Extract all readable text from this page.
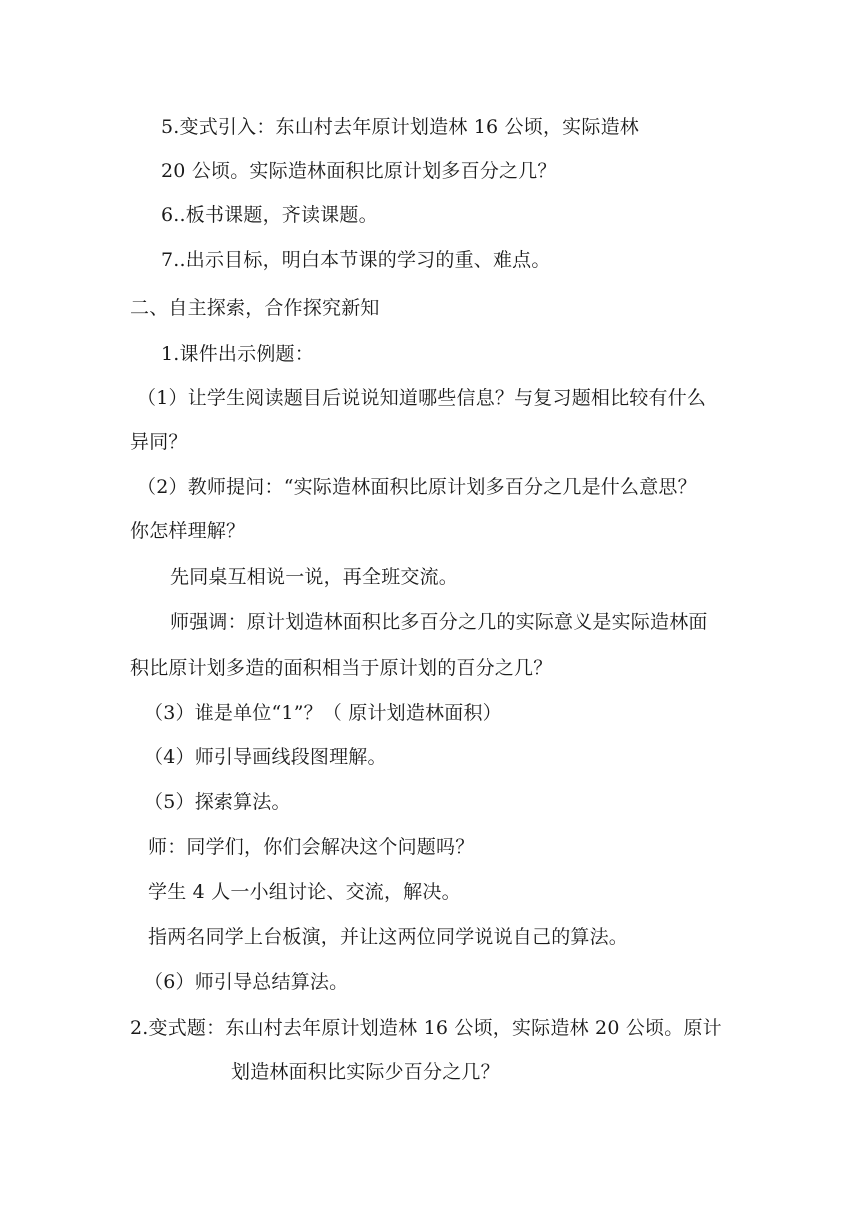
5.变式引入：东山村去年原计划造林 16 公顷，实际造林
20 公顷。实际造林面积比原计划多百分之几？
6..板书课题，齐读课题。
7..出示目标，明白本节课的学习的重、难点。
二、自主探索，合作探究新知
1.课件出示例题：
（1）让学生阅读题目后说说知道哪些信息？与复习题相比较有什么
异同？
（2）教师提问：“实际造林面积比原计划多百分之几是什么意思？
你怎样理解？
先同桌互相说一说，再全班交流。
师强调：原计划造林面积比多百分之几的实际意义是实际造林面
积比原计划多造的面积相当于原计划的百分之几？
（3）谁是单位“1”？（ 原计划造林面积）
（4）师引导画线段图理解。
（5）探索算法。
师：同学们，你们会解决这个问题吗？
学生 4 人一小组讨论、交流，解决。
指两名同学上台板演，并让这两位同学说说自己的算法。
（6）师引导总结算法。
2.变式题：东山村去年原计划造林 16 公顷，实际造林 20 公顷。原计
划造林面积比实际少百分之几？
